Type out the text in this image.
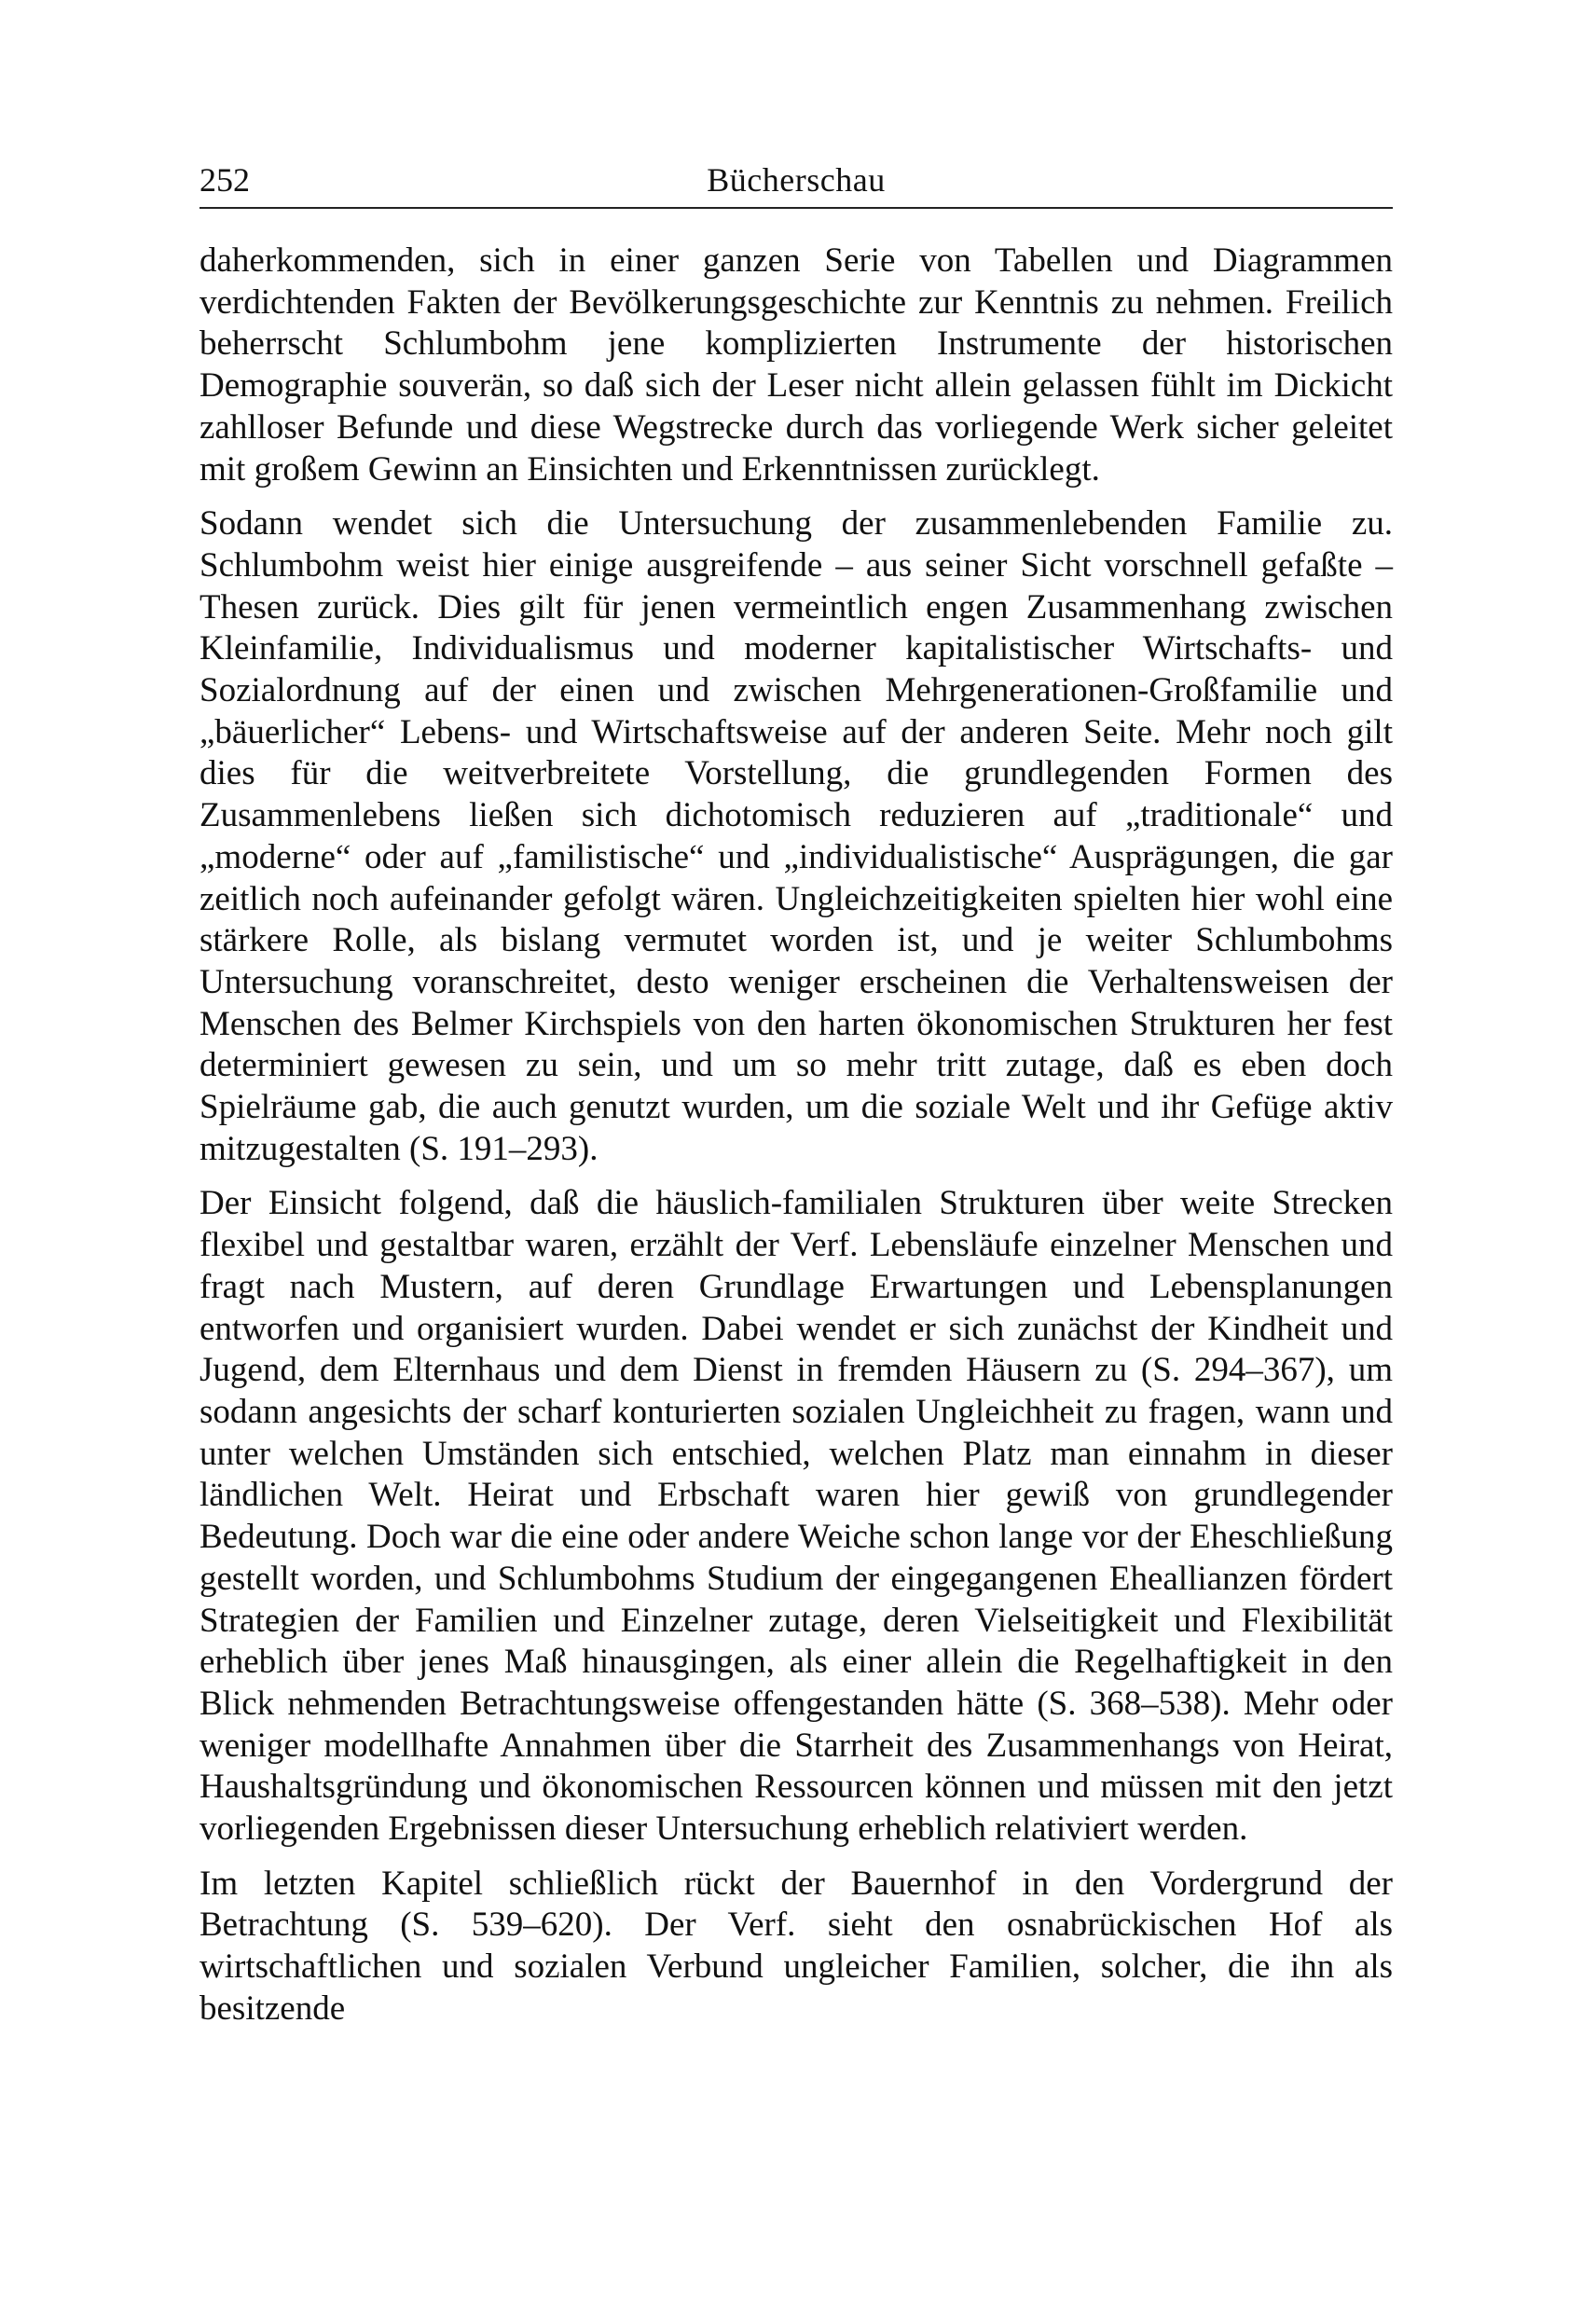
252	Bücherschau

daherkommenden, sich in einer ganzen Serie von Tabellen und Diagrammen verdichtenden Fakten der Bevölkerungsgeschichte zur Kenntnis zu nehmen. Freilich beherrscht Schlumbohm jene komplizierten Instrumente der historischen Demographie souverän, so daß sich der Leser nicht allein gelassen fühlt im Dickicht zahlloser Befunde und diese Wegstrecke durch das vorliegende Werk sicher geleitet mit großem Gewinn an Einsichten und Erkenntnissen zurücklegt.

Sodann wendet sich die Untersuchung der zusammenlebenden Familie zu. Schlumbohm weist hier einige ausgreifende – aus seiner Sicht vorschnell gefaßte – Thesen zurück. Dies gilt für jenen vermeintlich engen Zusammenhang zwischen Kleinfamilie, Individualismus und moderner kapitalistischer Wirtschafts- und Sozialordnung auf der einen und zwischen Mehrgenerationen-Großfamilie und „bäuerlicher“ Lebens- und Wirtschaftsweise auf der anderen Seite. Mehr noch gilt dies für die weitverbreitete Vorstellung, die grundlegenden Formen des Zusammenlebens ließen sich dichotomisch reduzieren auf „traditionale“ und „moderne“ oder auf „familistische“ und „individualistische“ Ausprägungen, die gar zeitlich noch aufeinander gefolgt wären. Ungleichzeitigkeiten spielten hier wohl eine stärkere Rolle, als bislang vermutet worden ist, und je weiter Schlumbohms Untersuchung voranschreitet, desto weniger erscheinen die Verhaltensweisen der Menschen des Belmer Kirchspiels von den harten ökonomischen Strukturen her fest determiniert gewesen zu sein, und um so mehr tritt zutage, daß es eben doch Spielräume gab, die auch genutzt wurden, um die soziale Welt und ihr Gefüge aktiv mitzugestalten (S. 191–293).

Der Einsicht folgend, daß die häuslich-familialen Strukturen über weite Strecken flexibel und gestaltbar waren, erzählt der Verf. Lebensläufe einzelner Menschen und fragt nach Mustern, auf deren Grundlage Erwartungen und Lebensplanungen entworfen und organisiert wurden. Dabei wendet er sich zunächst der Kindheit und Jugend, dem Elternhaus und dem Dienst in fremden Häusern zu (S. 294–367), um sodann angesichts der scharf konturierten sozialen Ungleichheit zu fragen, wann und unter welchen Umständen sich entschied, welchen Platz man einnahm in dieser ländlichen Welt. Heirat und Erbschaft waren hier gewiß von grundlegender Bedeutung. Doch war die eine oder andere Weiche schon lange vor der Eheschließung gestellt worden, und Schlumbohms Studium der eingegangenen Eheallianzen fördert Strategien der Familien und Einzelner zutage, deren Vielseitigkeit und Flexibilität erheblich über jenes Maß hinausgingen, als einer allein die Regelhaftigkeit in den Blick nehmenden Betrachtungsweise offengestanden hätte (S. 368–538). Mehr oder weniger modellhafte Annahmen über die Starrheit des Zusammenhangs von Heirat, Haushaltsgründung und ökonomischen Ressourcen können und müssen mit den jetzt vorliegenden Ergebnissen dieser Untersuchung erheblich relativiert werden.

Im letzten Kapitel schließlich rückt der Bauernhof in den Vordergrund der Betrachtung (S. 539–620). Der Verf. sieht den osnabrückischen Hof als wirtschaftlichen und sozialen Verbund ungleicher Familien, solcher, die ihn als besitzende
